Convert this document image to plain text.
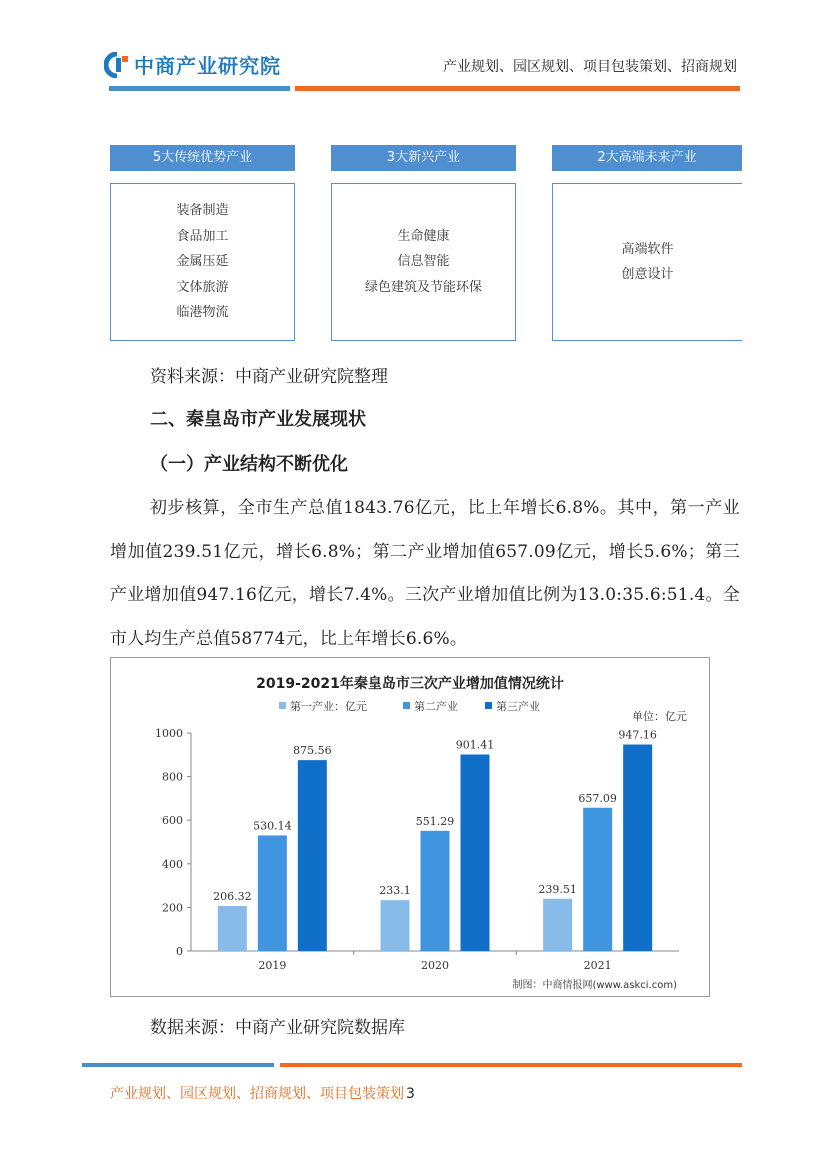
中商产业研究院	产业规划、园区规划、项目包装策划、招商规划
5大传统优势产业	3大新兴产业	2大高端未来产业
装备制造
食品加工
金属压延
文体旅游
临港物流
生命健康
信息智能
绿色建筑及节能环保
高端软件
创意设计
资料来源：中商产业研究院整理
二、秦皇岛市产业发展现状
（一）产业结构不断优化
初步核算，全市生产总值1843.76亿元，比上年增长6.8%。其中，第一产业增加值239.51亿元，增长6.8%；第二产业增加值657.09亿元，增长5.6%；第三产业增加值947.16亿元，增长7.4%。三次产业增加值比例为13.0:35.6:51.4。全市人均生产总值58774元，比上年增长6.6%。
2019-2021年秦皇岛市三次产业增加值情况统计
第一产业：亿元	第二产业	第三产业
单位：亿元
0
200
400
600
800
1000
206.32
530.14
875.56
2019
233.1
551.29
901.41
2020
239.51
657.09
947.16
2021
制图：中商情报网(www.askci.com)
数据来源：中商产业研究院数据库
产业规划、园区规划、招商规划、项目包装策划 3
